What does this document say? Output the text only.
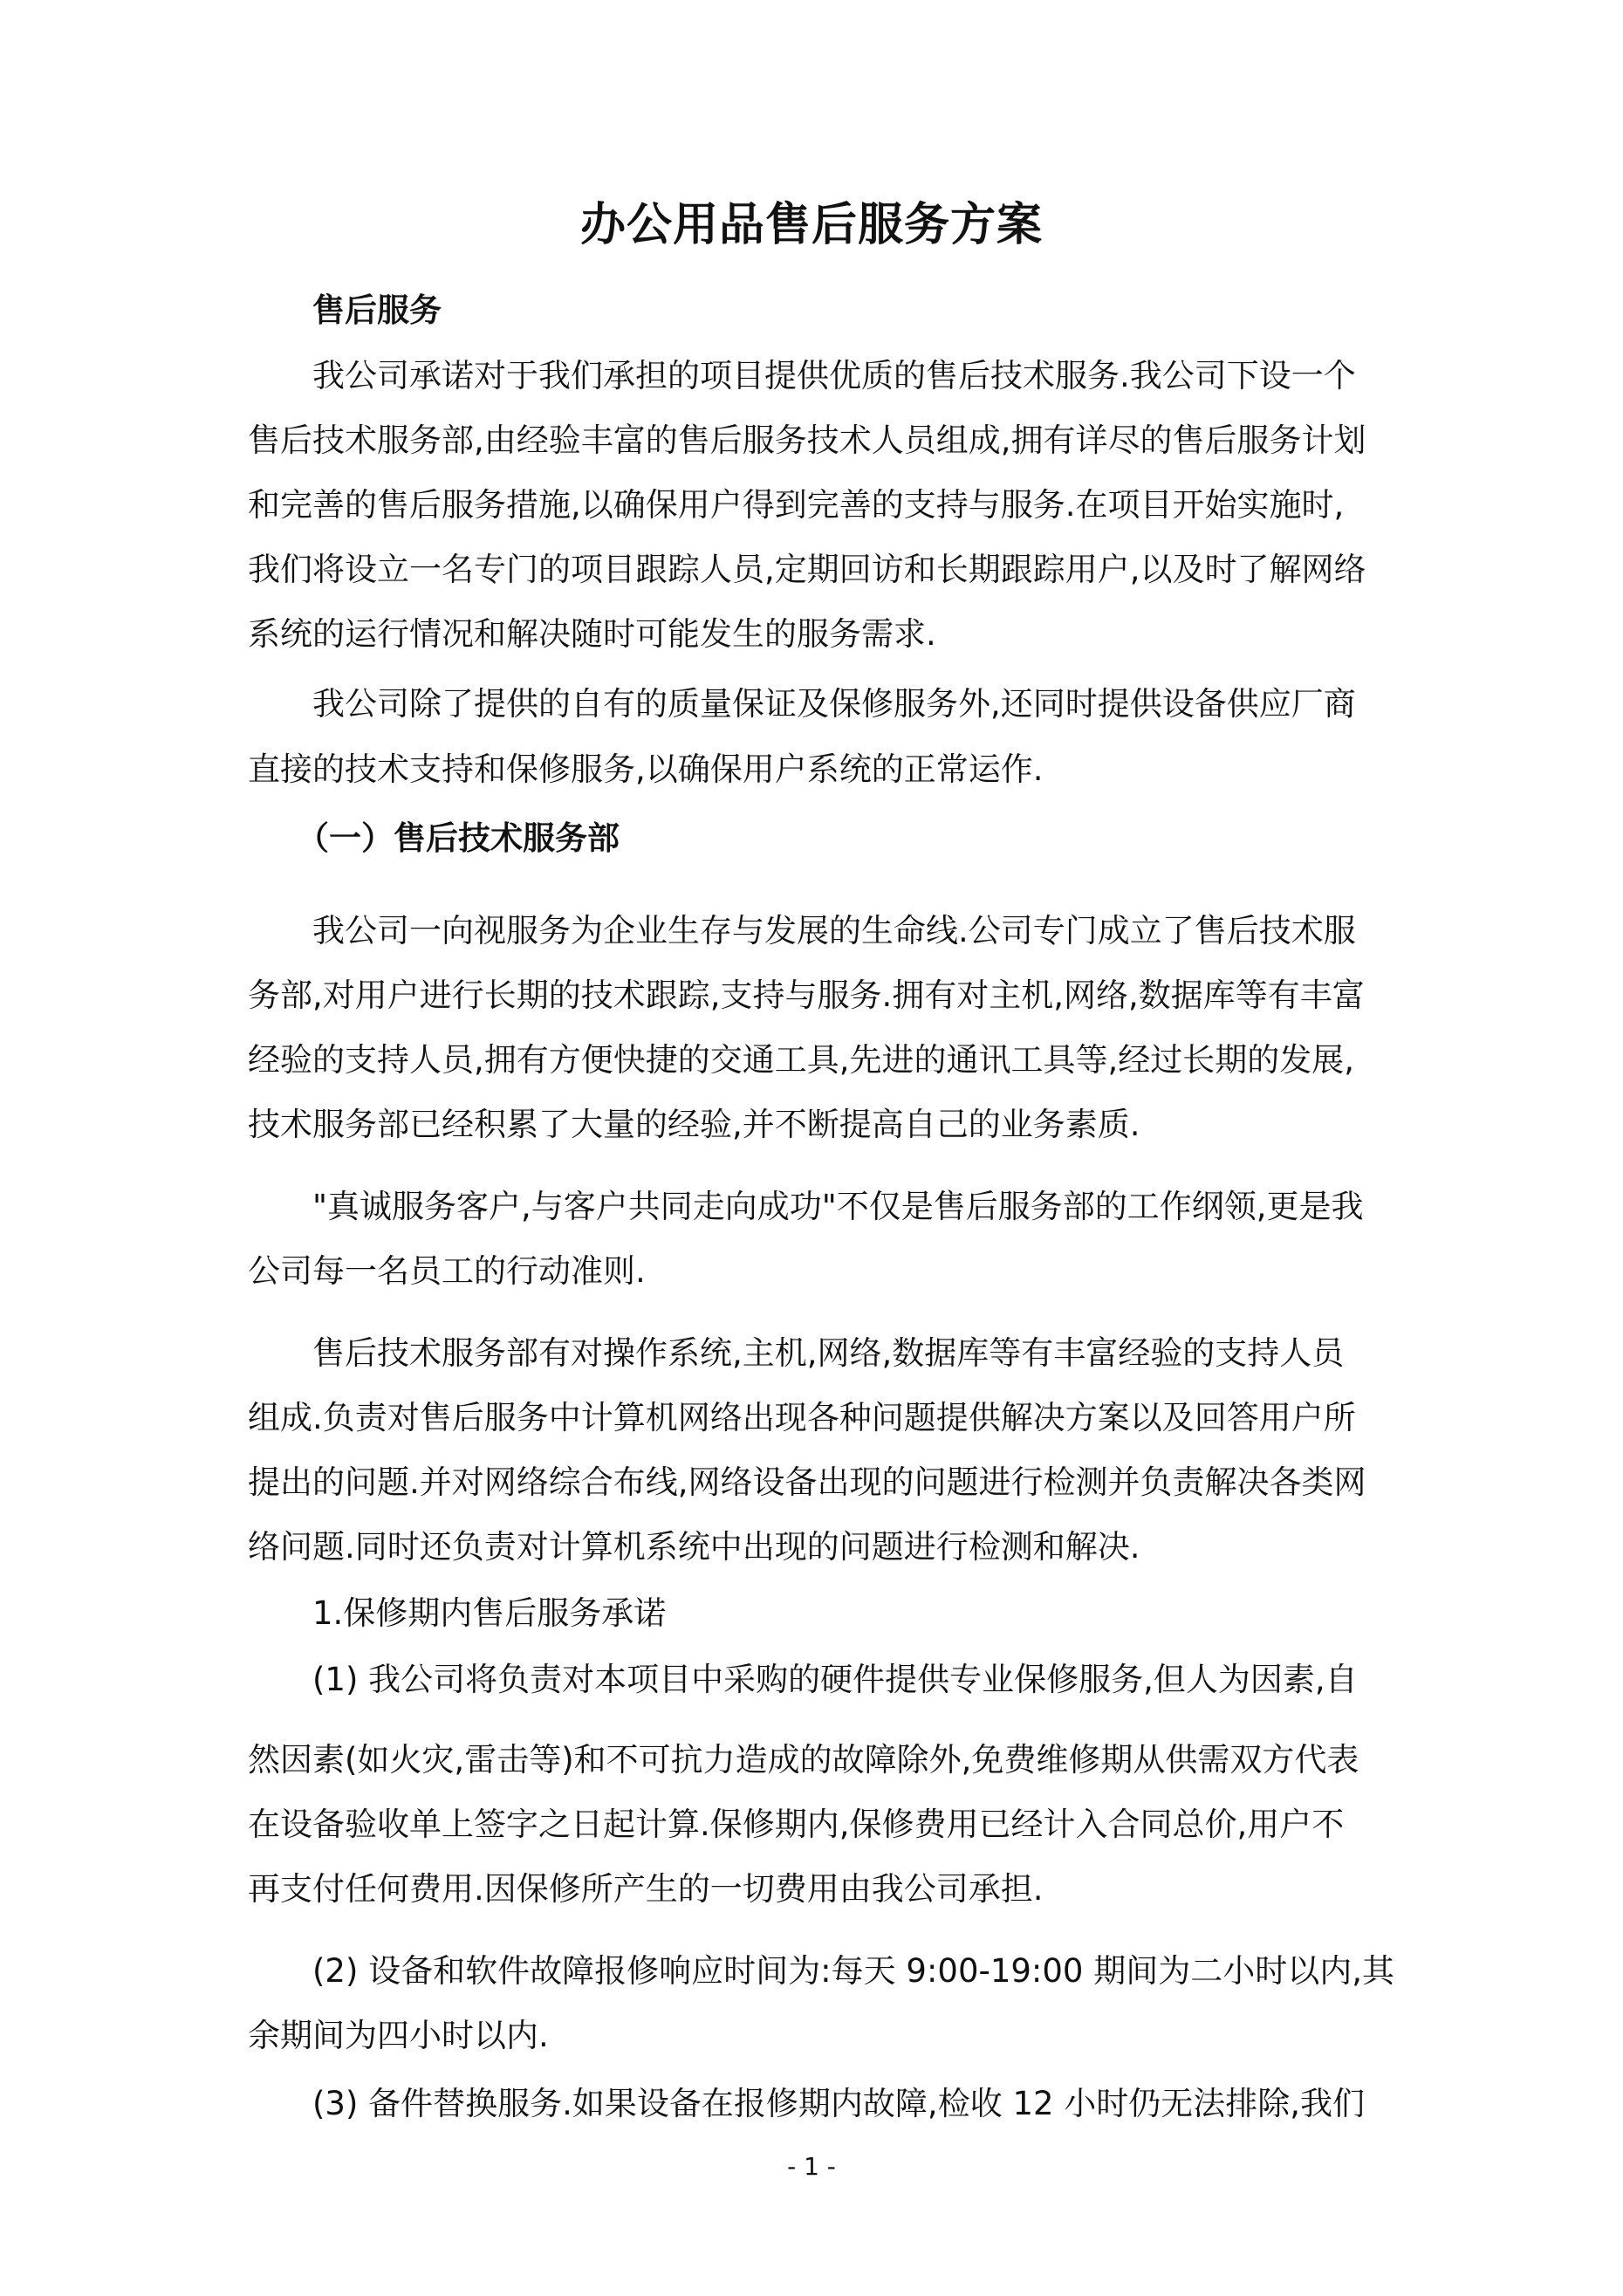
办公用品售后服务方案

售后服务

我公司承诺对于我们承担的项目提供优质的售后技术服务.我公司下设一个

售后技术服务部,由经验丰富的售后服务技术人员组成,拥有详尽的售后服务计划

和完善的售后服务措施,以确保用户得到完善的支持与服务.在项目开始实施时,

我们将设立一名专门的项目跟踪人员,定期回访和长期跟踪用户,以及时了解网络

系统的运行情况和解决随时可能发生的服务需求.

我公司除了提供的自有的质量保证及保修服务外,还同时提供设备供应厂商

直接的技术支持和保修服务,以确保用户系统的正常运作.

（一）售后技术服务部

我公司一向视服务为企业生存与发展的生命线.公司专门成立了售后技术服

务部,对用户进行长期的技术跟踪,支持与服务.拥有对主机,网络,数据库等有丰富

经验的支持人员,拥有方便快捷的交通工具,先进的通讯工具等,经过长期的发展,

技术服务部已经积累了大量的经验,并不断提高自己的业务素质.

"真诚服务客户,与客户共同走向成功"不仅是售后服务部的工作纲领,更是我

公司每一名员工的行动准则.

售后技术服务部有对操作系统,主机,网络,数据库等有丰富经验的支持人员

组成.负责对售后服务中计算机网络出现各种问题提供解决方案以及回答用户所

提出的问题.并对网络综合布线,网络设备出现的问题进行检测并负责解决各类网

络问题.同时还负责对计算机系统中出现的问题进行检测和解决.

1.保修期内售后服务承诺

(1) 我公司将负责对本项目中采购的硬件提供专业保修服务,但人为因素,自

然因素(如火灾,雷击等)和不可抗力造成的故障除外,免费维修期从供需双方代表

在设备验收单上签字之日起计算.保修期内,保修费用已经计入合同总价,用户不

再支付任何费用.因保修所产生的一切费用由我公司承担.

(2) 设备和软件故障报修响应时间为:每天 9:00-19:00 期间为二小时以内,其

余期间为四小时以内.

(3) 备件替换服务.如果设备在报修期内故障,检收 12 小时仍无法排除,我们

- 1 -
